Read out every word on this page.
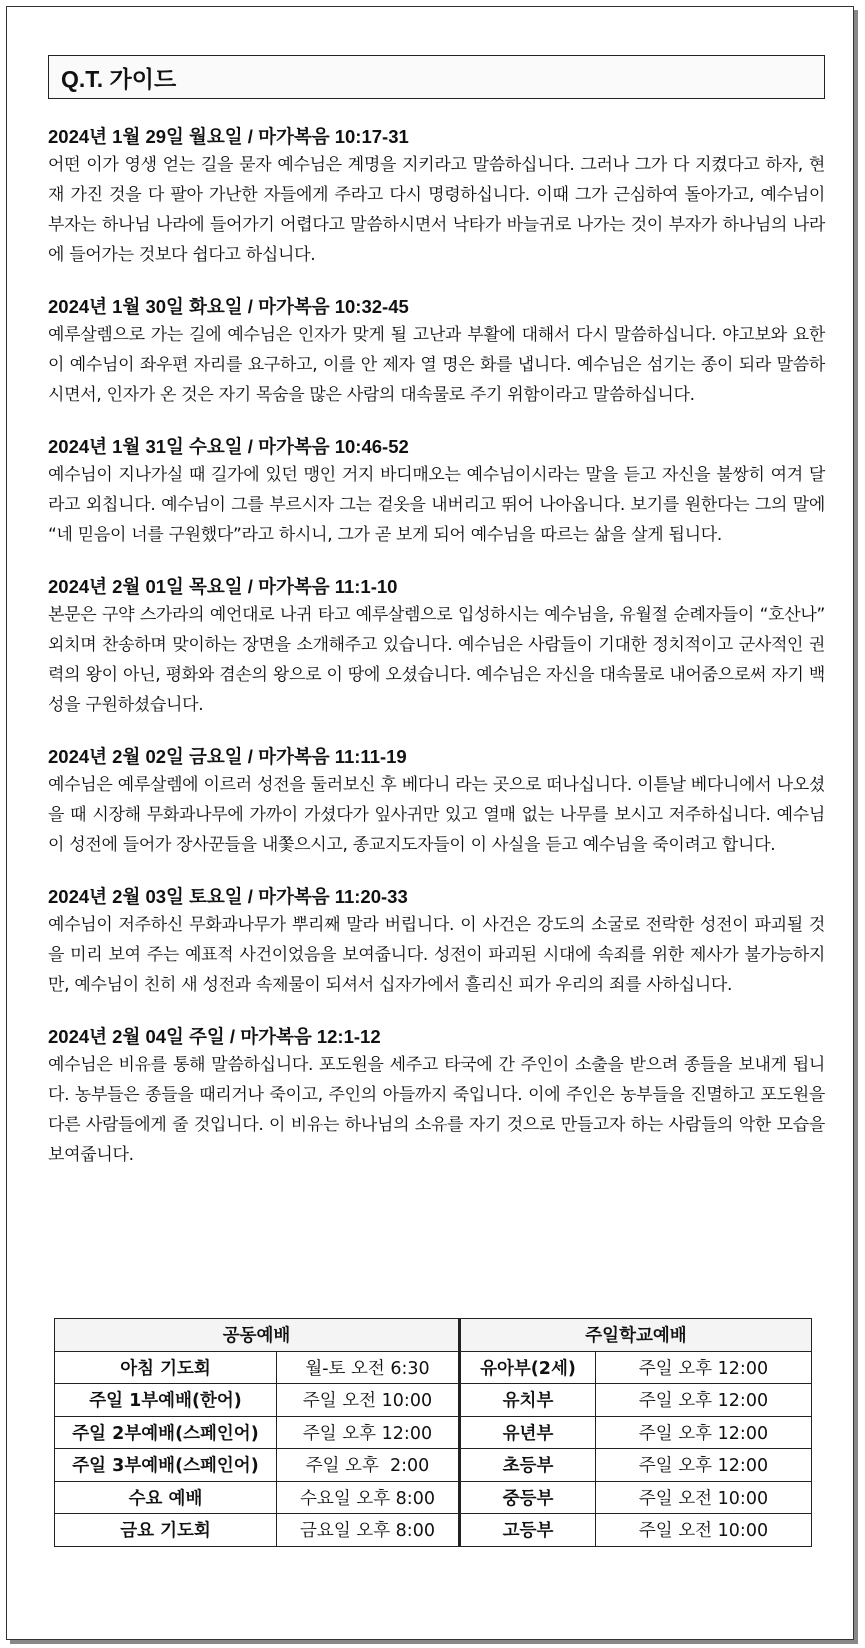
Q.T. 가이드
2024년 1월 29일 월요일 / 마가복음 10:17-31
어떤 이가 영생 얻는 길을 묻자 예수님은 계명을 지키라고 말씀하십니다. 그러나 그가 다 지켰다고 하자, 현재 가진 것을 다 팔아 가난한 자들에게 주라고 다시 명령하십니다. 이때 그가 근심하여 돌아가고, 예수님이 부자는 하나님 나라에 들어가기 어렵다고 말씀하시면서 낙타가 바늘귀로 나가는 것이 부자가 하나님의 나라에 들어가는 것보다 쉽다고 하십니다.
2024년 1월 30일 화요일 / 마가복음 10:32-45
예루살렘으로 가는 길에 예수님은 인자가 맞게 될 고난과 부활에 대해서 다시 말씀하십니다. 야고보와 요한이 예수님이 좌우편 자리를 요구하고, 이를 안 제자 열 명은 화를 냅니다. 예수님은 섬기는 종이 되라 말씀하시면서, 인자가 온 것은 자기 목숨을 많은 사람의 대속물로 주기 위함이라고 말씀하십니다.
2024년 1월 31일 수요일 / 마가복음 10:46-52
예수님이 지나가실 때 길가에 있던 맹인 거지 바디매오는 예수님이시라는 말을 듣고 자신을 불쌍히 여겨 달라고 외칩니다. 예수님이 그를 부르시자 그는 겉옷을 내버리고 뛰어 나아옵니다. 보기를 원한다는 그의 말에 “네 믿음이 너를 구원했다”라고 하시니, 그가 곧 보게 되어 예수님을 따르는 삶을 살게 됩니다.
2024년 2월 01일 목요일 / 마가복음 11:1-10
본문은 구약 스가라의 예언대로 나귀 타고 예루살렘으로 입성하시는 예수님을, 유월절 순례자들이 “호산나” 외치며 찬송하며 맞이하는 장면을 소개해주고 있습니다. 예수님은 사람들이 기대한 정치적이고 군사적인 권력의 왕이 아닌, 평화와 겸손의 왕으로 이 땅에 오셨습니다. 예수님은 자신을 대속물로 내어줌으로써 자기 백성을 구원하셨습니다.
2024년 2월 02일 금요일 / 마가복음 11:11-19
예수님은 예루살렘에 이르러 성전을 둘러보신 후 베다니 라는 곳으로 떠나십니다. 이튿날 베다니에서 나오셨을 때 시장해 무화과나무에 가까이 가셨다가 잎사귀만 있고 열매 없는 나무를 보시고 저주하십니다. 예수님이 성전에 들어가 장사꾼들을 내쫓으시고, 종교지도자들이 이 사실을 듣고 예수님을 죽이려고 합니다.
2024년 2월 03일 토요일 / 마가복음 11:20-33
예수님이 저주하신 무화과나무가 뿌리째 말라 버립니다. 이 사건은 강도의 소굴로 전락한 성전이 파괴될 것을 미리 보여 주는 예표적 사건이었음을 보여줍니다. 성전이 파괴된 시대에 속죄를 위한 제사가 불가능하지만, 예수님이 친히 새 성전과 속제물이 되셔서 십자가에서 흘리신 피가 우리의 죄를 사하십니다.
2024년 2월 04일 주일 / 마가복음 12:1-12
예수님은 비유를 통해 말씀하십니다. 포도원을 세주고 타국에 간 주인이 소출을 받으려 종들을 보내게 됩니다. 농부들은 종들을 때리거나 죽이고, 주인의 아들까지 죽입니다. 이에 주인은 농부들을 진멸하고 포도원을 다른 사람들에게 줄 것입니다. 이 비유는 하나님의 소유를 자기 것으로 만들고자 하는 사람들의 악한 모습을 보여줍니다.
공동예배		주일학교예배	
아침 기도회	월-토 오전 6:30	유아부(2세)	주일 오후 12:00
주일 1부예배(한어)	주일 오전 10:00	유치부	주일 오후 12:00
주일 2부예배(스페인어)	주일 오후 12:00	유년부	주일 오후 12:00
주일 3부예배(스페인어)	주일 오후  2:00	초등부	주일 오후 12:00
수요 예배	수요일 오후 8:00	중등부	주일 오전 10:00
금요 기도회	금요일 오후 8:00	고등부	주일 오전 10:00
